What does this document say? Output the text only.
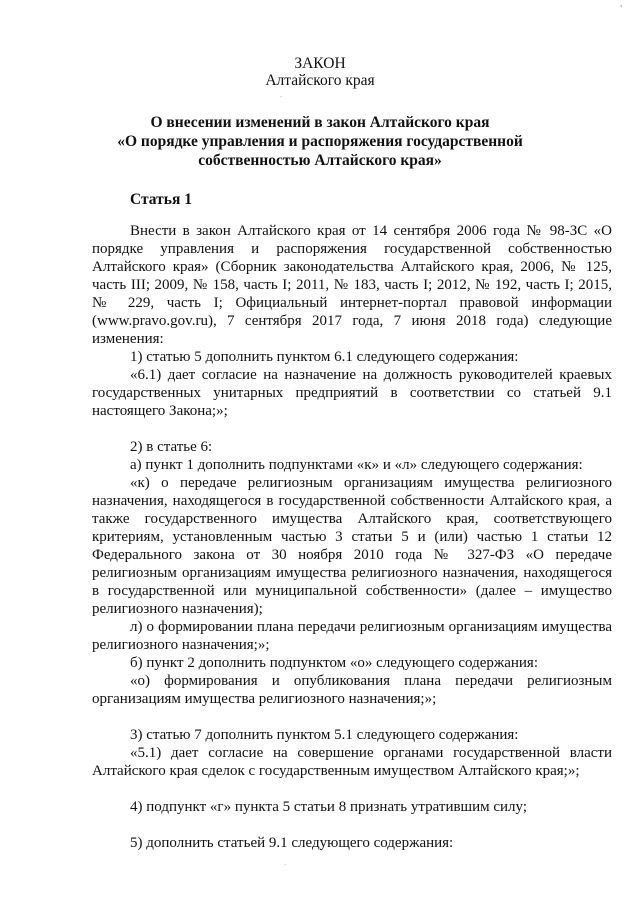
'
.
.
ЗАКОН
Алтайского края
О внесении изменений в закон Алтайского края
«О порядке управления и распоряжения государственной
собственностью Алтайского края»
Статья 1

Внести в закон Алтайского края от 14 сентября 2006 года № 98-ЗС «О порядке управления и распоряжения государственной собственностью Алтайского края» (Сборник законодательства Алтайского края, 2006, № 125, часть III; 2009, № 158, часть I; 2011, № 183, часть I; 2012, № 192, часть I; 2015, № 229, часть I; Официальный интернет-портал правовой информации (www.pravo.gov.ru), 7 сентября 2017 года, 7 июня 2018 года) следующие изменения:

1) статью 5 дополнить пунктом 6.1 следующего содержания:

«6.1) дает согласие на назначение на должность руководителей краевых государственных унитарных предприятий в соответствии со статьей 9.1 настоящего Закона;»;

2) в статье 6:

а) пункт 1 дополнить подпунктами «к» и «л» следующего содержания:

«к) о передаче религиозным организациям имущества религиозного назначения, находящегося в государственной собственности Алтайского края, а также государственного имущества Алтайского края, соответствующего критериям, установленным частью 3 статьи 5 и (или) частью 1 статьи 12 Федерального закона от 30 ноября 2010 года № 327-ФЗ «О передаче религиозным организациям имущества религиозного назначения, находящегося в государственной или муниципальной собственности» (далее – имущество религиозного назначения);

л) о формировании плана передачи религиозным организациям имущества религиозного назначения;»;

б) пункт 2 дополнить подпунктом «о» следующего содержания:

«о) формирования и опубликования плана передачи религиозным организациям имущества религиозного назначения;»;

3) статью 7 дополнить пунктом 5.1 следующего содержания:

«5.1) дает согласие на совершение органами государственной власти Алтайского края сделок с государственным имуществом Алтайского края;»;

4) подпункт «г» пункта 5 статьи 8 признать утратившим силу;

5) дополнить статьей 9.1 следующего содержания:
